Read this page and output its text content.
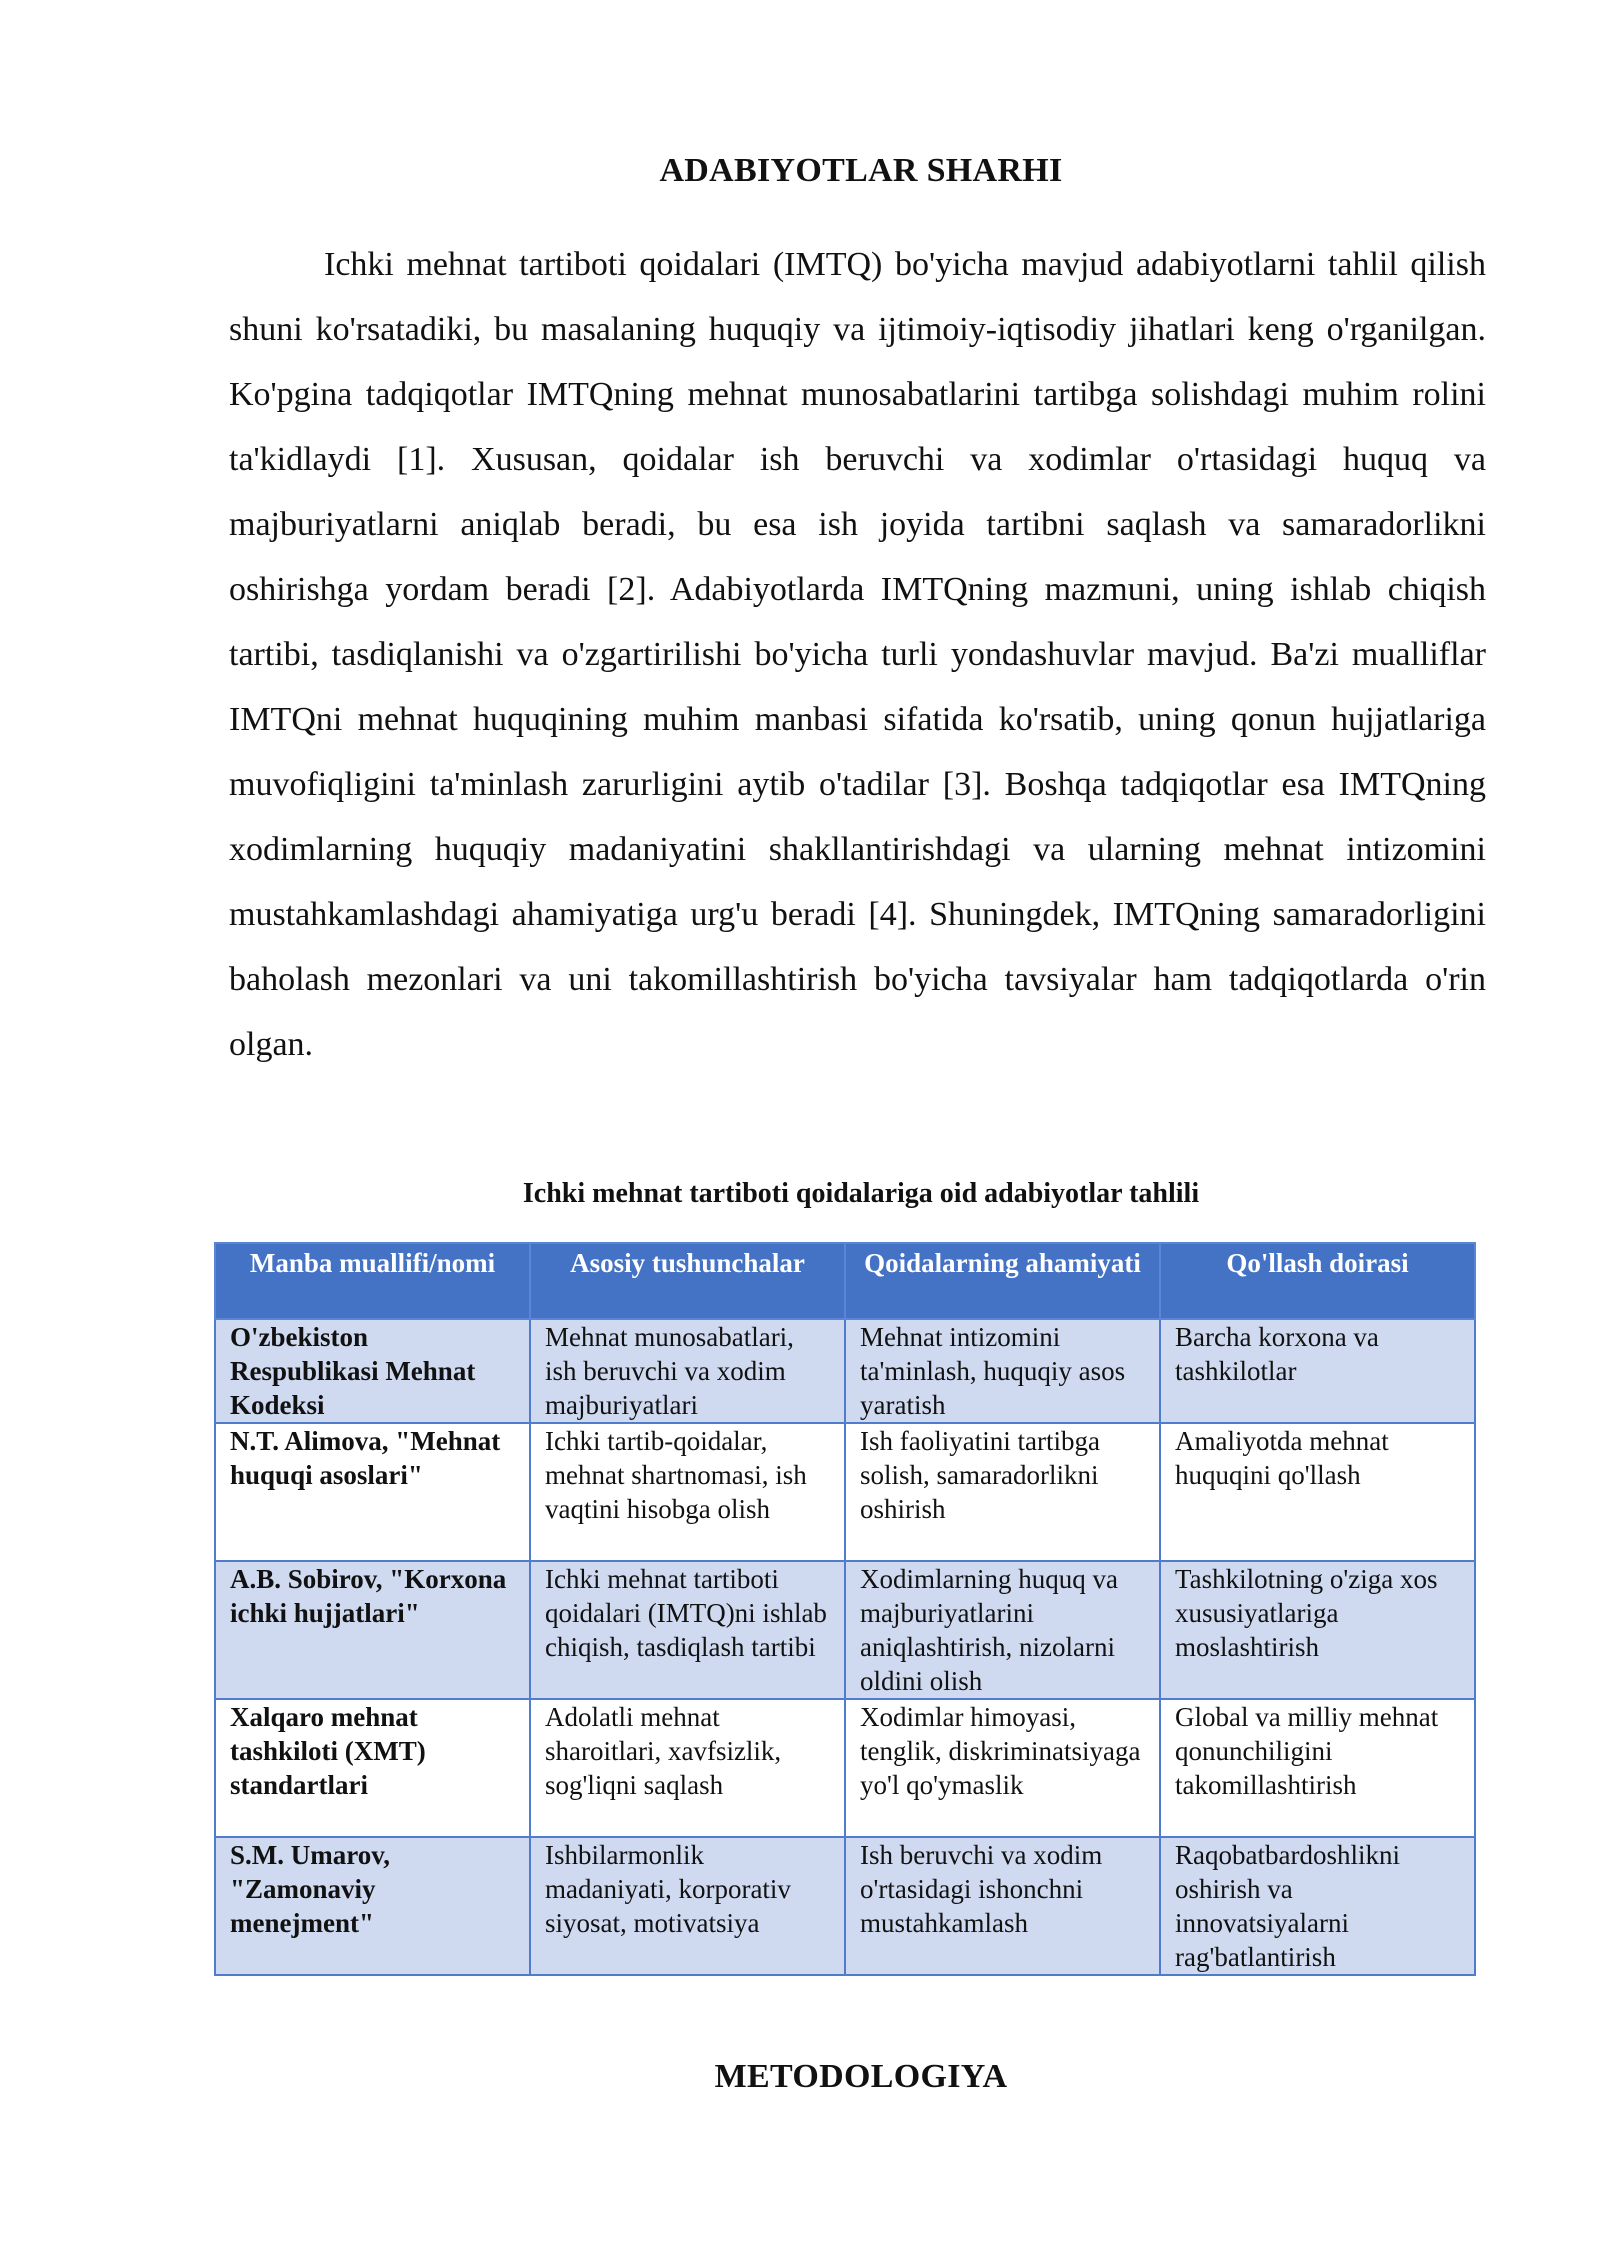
ADABIYOTLAR SHARHI

Ichki mehnat tartiboti qoidalari (IMTQ) bo'yicha mavjud adabiyotlarni tahlil qilish shuni ko'rsatadiki, bu masalaning huquqiy va ijtimoiy-iqtisodiy jihatlari keng o'rganilgan. Ko'pgina tadqiqotlar IMTQning mehnat munosabatlarini tartibga solishdagi muhim rolini ta'kidlaydi [1]. Xususan, qoidalar ish beruvchi va xodimlar o'rtasidagi huquq va majburiyatlarni aniqlab beradi, bu esa ish joyida tartibni saqlash va samaradorlikni oshirishga yordam beradi [2]. Adabiyotlarda IMTQning mazmuni, uning ishlab chiqish tartibi, tasdiqlanishi va o'zgartirilishi bo'yicha turli yondashuvlar mavjud. Ba'zi mualliflar IMTQni mehnat huquqining muhim manbasi sifatida ko'rsatib, uning qonun hujjatlariga muvofiqligini ta'minlash zarurligini aytib o'tadilar [3]. Boshqa tadqiqotlar esa IMTQning xodimlarning huquqiy madaniyatini shakllantirishdagi va ularning mehnat intizomini mustahkamlashdagi ahamiyatiga urg'u beradi [4]. Shuningdek, IMTQning samaradorligini baholash mezonlari va uni takomillashtirish bo'yicha tavsiyalar ham tadqiqotlarda o'rin olgan.

Ichki mehnat tartiboti qoidalariga oid adabiyotlar tahlili
Manba muallifi/nomi	Asosiy tushunchalar	Qoidalarning ahamiyati	Qo'llash doirasi
O'zbekiston Respublikasi Mehnat Kodeksi	Mehnat munosabatlari, ish beruvchi va xodim majburiyatlari	Mehnat intizomini ta'minlash, huquqiy asos yaratish	Barcha korxona va tashkilotlar
N.T. Alimova, "Mehnat huquqi asoslari"	Ichki tartib-qoidalar, mehnat shartnomasi, ish vaqtini hisobga olish	Ish faoliyatini tartibga solish, samaradorlikni oshirish	Amaliyotda mehnat huquqini qo'llash
A.B. Sobirov, "Korxona ichki hujjatlari"	Ichki mehnat tartiboti qoidalari (IMTQ)ni ishlab chiqish, tasdiqlash tartibi	Xodimlarning huquq va majburiyatlarini aniqlashtirish, nizolarni oldini olish	Tashkilotning o'ziga xos xususiyatlariga moslashtirish
Xalqaro mehnat tashkiloti (XMT) standartlari	Adolatli mehnat sharoitlari, xavfsizlik, sog'liqni saqlash	Xodimlar himoyasi, tenglik, diskriminatsiyaga yo'l qo'ymaslik	Global va milliy mehnat qonunchiligini takomillashtirish
S.M. Umarov, "Zamonaviy menejment"	Ishbilarmonlik madaniyati, korporativ siyosat, motivatsiya	Ish beruvchi va xodim o'rtasidagi ishonchni mustahkamlash	Raqobatbardoshlikni oshirish va innovatsiyalarni rag'batlantirish
METODOLOGIYA
